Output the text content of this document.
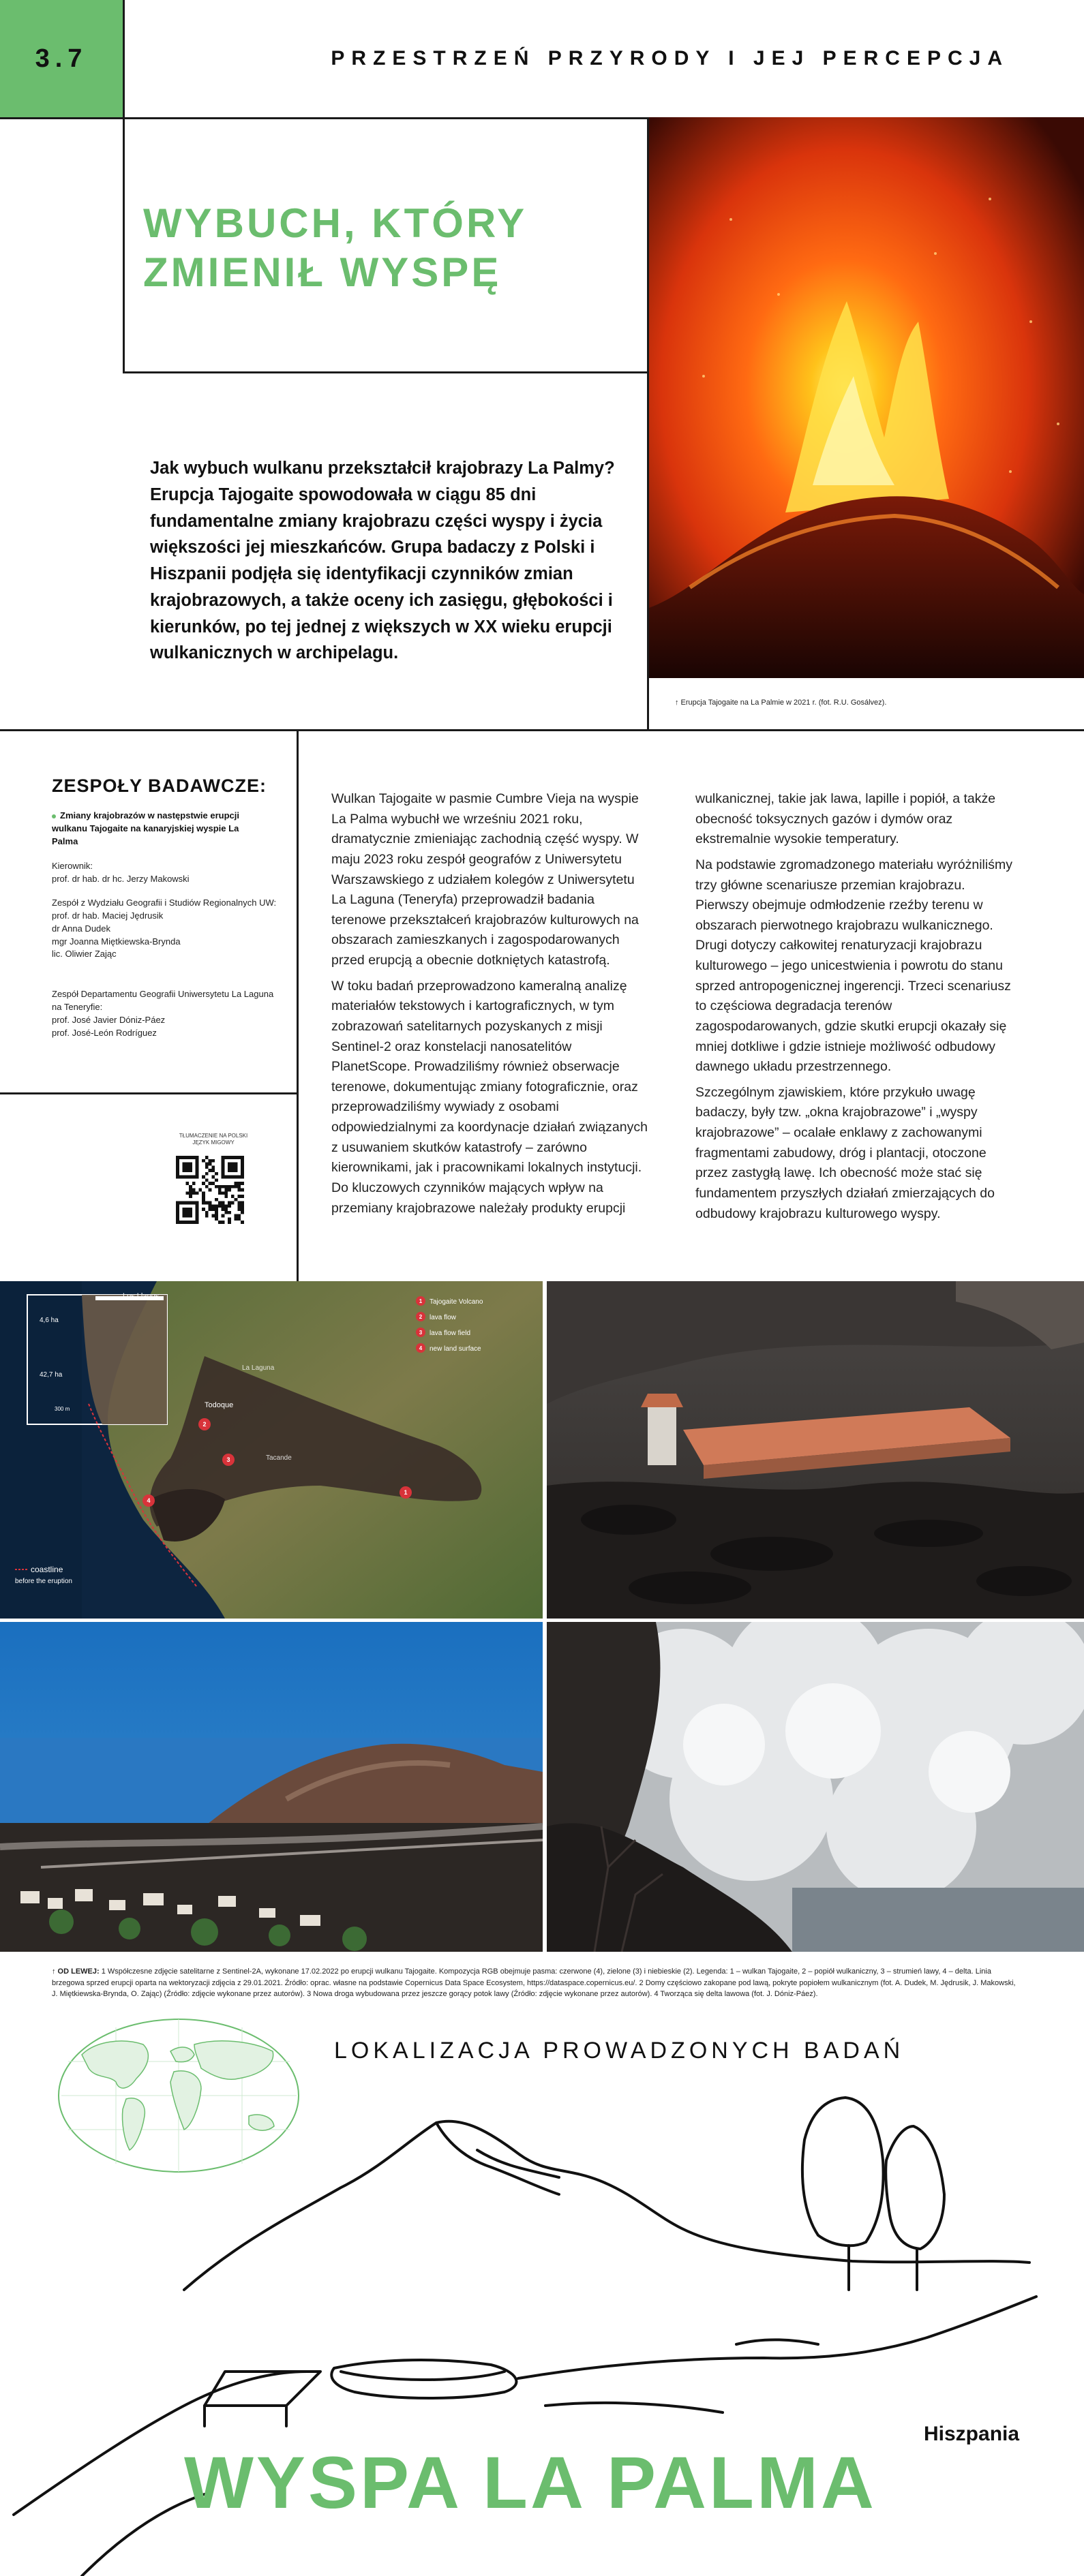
3.7	PRZESTRZEŃ PRZYRODY I JEJ PERCEPCJA
WYBUCH, KTÓRY
ZMIENIŁ WYSPĘ
Jak wybuch wulkanu przekształcił krajobrazy La Palmy? Erupcja Tajogaite spowodowała w ciągu 85 dni fundamentalne zmiany krajobrazu części wyspy i życia większości jej mieszkańców. Grupa badaczy z Polski i Hiszpanii podjęła się identyfikacji czynników zmian krajobrazowych, a także oceny ich zasięgu, głębokości i kierunków, po tej jednej z większych w XX wieku erupcji wulkanicznych w archipelagu.
↑ Erupcja Tajogaite na La Palmie w 2021 r. (fot. R.U. Gosálvez).
ZESPOŁY BADAWCZE:
Zmiany krajobrazów w następstwie erupcji wulkanu Tajogaite na kanaryjskiej wyspie La Palma
Kierownik:
prof. dr hab. dr hc. Jerzy Makowski
Zespół z Wydziału Geografii i Studiów Regionalnych UW:
prof. dr hab. Maciej Jędrusik
dr Anna Dudek
mgr Joanna Miętkiewska-Brynda
lic. Oliwier Zając
Zespół Departamentu Geografii Uniwersytetu La Laguna na Teneryfie:
prof. José Javier Dóniz-Páez
prof. José-León Rodríguez
TŁUMACZENIE NA POLSKI JĘZYK MIGOWY

Wulkan Tajogaite w pasmie Cumbre Vieja na wyspie La Palma wybuchł we wrześniu 2021 roku, dramatycznie zmieniając zachodnią część wyspy. W maju 2023 roku zespół geografów z Uniwersytetu Warszawskiego z udziałem kolegów z Uniwersytetu La Laguna (Teneryfa) przeprowadził badania terenowe przekształceń krajobrazów kulturowych na obszarach zamieszkanych i zagospodarowanych przed erupcją a obecnie dotkniętych katastrofą.

W toku badań przeprowadzono kameralną analizę materiałów tekstowych i kartograficznych, w tym zobrazowań satelitarnych pozyskanych z misji Sentinel-2 oraz konstelacji nanosatelitów PlanetScope. Prowadziliśmy również obserwacje terenowe, dokumentując zmiany fotograficznie, oraz przeprowadziliśmy wywiady z osobami odpowiedzialnymi za koordynacje działań związanych z usuwaniem skutków katastrofy – zarówno kierownikami, jak i pracownikami lokalnych instytucji. Do kluczowych czynników mających wpływ na przemiany krajobrazowe należały produkty erupcji

wulkanicznej, takie jak lawa, lapille i popiół, a także obecność toksycznych gazów i dymów oraz ekstremalnie wysokie temperatury.

Na podstawie zgromadzonego materiału wyróżniliśmy trzy główne scenariusze przemian krajobrazu. Pierwszy obejmuje odmłodzenie rzeźby terenu w obszarach pierwotnego krajobrazu wulkanicznego. Drugi dotyczy całkowitej renaturyzacji krajobrazu kulturowego – jego unicestwienia i powrotu do stanu sprzed antropogenicznej ingerencji. Trzeci scenariusz to częściowa degradacja terenów zagospodarowanych, gdzie skutki erupcji okazały się mniej dotkliwe i gdzie istnieje możliwość odbudowy dawnego układu przestrzennego.

Szczególnym zjawiskiem, które przykuło uwagę badaczy, były tzw. „okna krajobrazowe” i „wyspy krajobrazowe” – ocalałe enklawy z zachowanymi fragmentami zabudowy, dróg i plantacji, otoczone przez zastygłą lawę. Ich obecność może stać się fundamentem przyszłych działań zmierzających do odbudowy krajobrazu kulturowego wyspy.

4,6 ha
42,7 ha
300 m
Los Llanos
La Laguna
Todoque
Tacande
1
2
3
4
1 Tajogaite Volcano
2 lava flow
3 lava flow field
4 new land surface
coastline
before the eruption
↑ OD LEWEJ: 1 Współczesne zdjęcie satelitarne z Sentinel-2A, wykonane 17.02.2022 po erupcji wulkanu Tajogaite. Kompozycja RGB obejmuje pasma: czerwone (4), zielone (3) i niebieskie (2). Legenda: 1 – wulkan Tajogaite, 2 – popiół wulkaniczny, 3 – strumień lawy, 4 – delta. Linia brzegowa sprzed erupcji oparta na wektoryzacji zdjęcia z 29.01.2021. Źródło: oprac. własne na podstawie Copernicus Data Space Ecosystem, https://dataspace.copernicus.eu/. 2 Domy częściowo zakopane pod lawą, pokryte popiołem wulkanicznym (fot. A. Dudek, M. Jędrusik, J. Makowski, J. Miętkiewska-Brynda, O. Zając) (Źródło: zdjęcie wykonane przez autorów). 3 Nowa droga wybudowana przez jeszcze gorący potok lawy (Źródło: zdjęcie wykonane przez autorów). 4 Tworząca się delta lawowa (fot. J. Dóniz-Páez).
LOKALIZACJA PROWADZONYCH BADAŃ
Hiszpania
WYSPA LA PALMA
